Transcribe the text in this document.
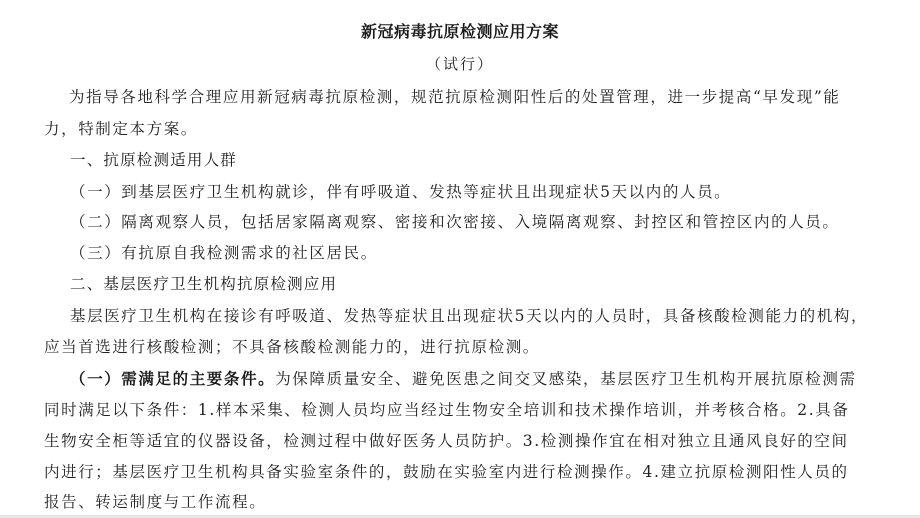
新冠病毒抗原检测应用方案
（试行）
为指导各地科学合理应用新冠病毒抗原检测，规范抗原检测阳性后的处置管理，进一步提高“早发现”能
力，特制定本方案。
一、抗原检测适用人群
（一）到基层医疗卫生机构就诊，伴有呼吸道、发热等症状且出现症状5天以内的人员。
（二）隔离观察人员，包括居家隔离观察、密接和次密接、入境隔离观察、封控区和管控区内的人员。
（三）有抗原自我检测需求的社区居民。
二、基层医疗卫生机构抗原检测应用
基层医疗卫生机构在接诊有呼吸道、发热等症状且出现症状5天以内的人员时，具备核酸检测能力的机构，
应当首选进行核酸检测；不具备核酸检测能力的，进行抗原检测。
（一）需满足的主要条件。为保障质量安全、避免医患之间交叉感染，基层医疗卫生机构开展抗原检测需
同时满足以下条件：1.样本采集、检测人员均应当经过生物安全培训和技术操作培训，并考核合格。2.具备
生物安全柜等适宜的仪器设备，检测过程中做好医务人员防护。3.检测操作宜在相对独立且通风良好的空间
内进行；基层医疗卫生机构具备实验室条件的，鼓励在实验室内进行检测操作。4.建立抗原检测阳性人员的
报告、转运制度与工作流程。
